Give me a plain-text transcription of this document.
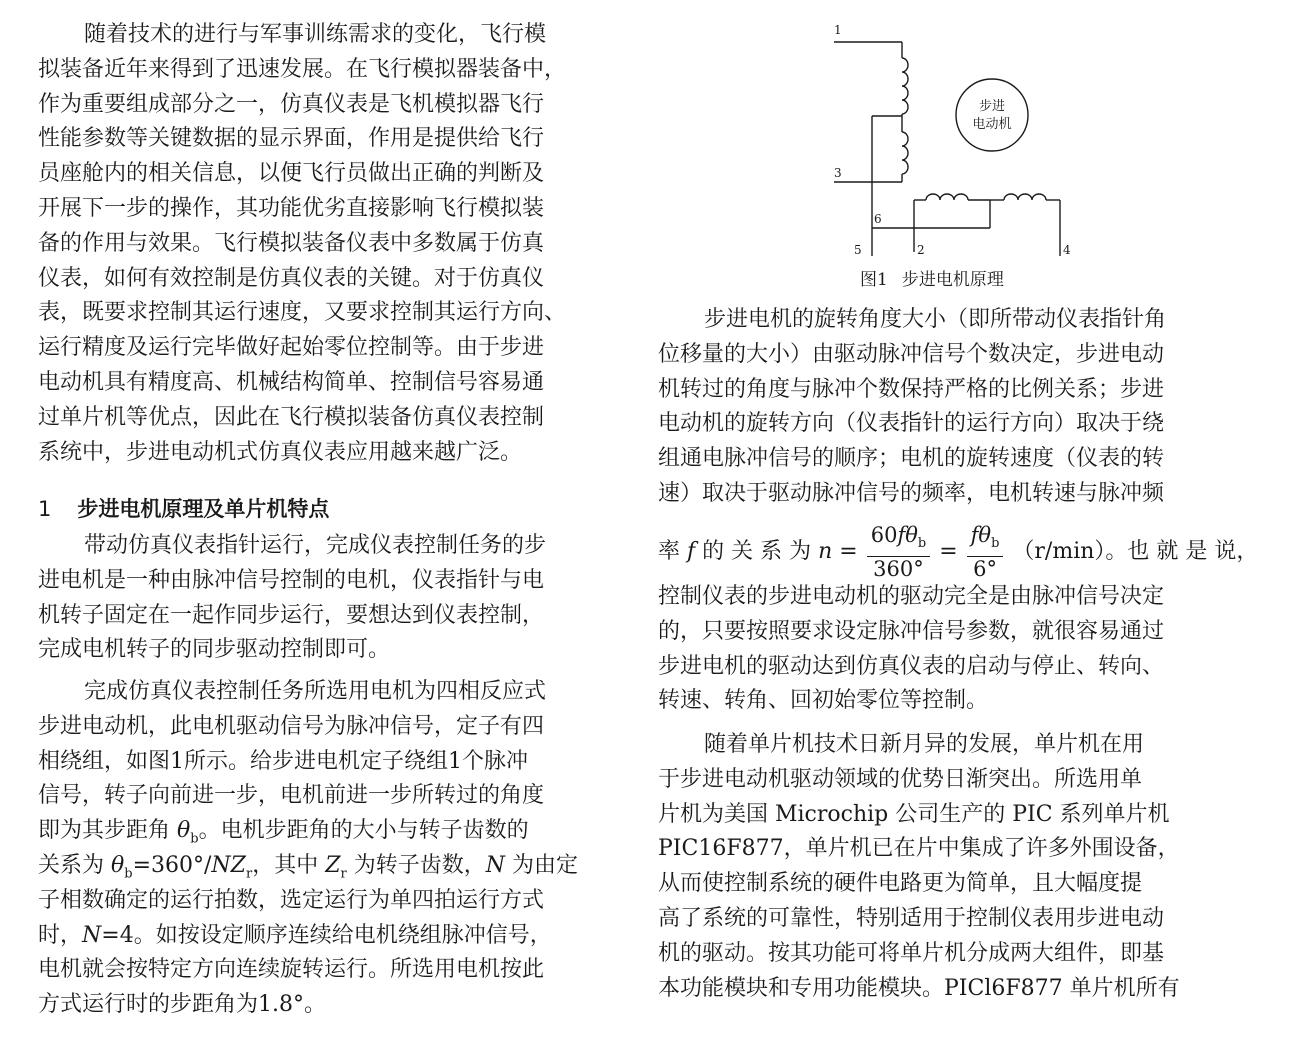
随着技术的进行与军事训练需求的变化，飞行模
拟装备近年来得到了迅速发展。在飞行模拟器装备中，
作为重要组成部分之一，仿真仪表是飞机模拟器飞行
性能参数等关键数据的显示界面，作用是提供给飞行
员座舱内的相关信息，以便飞行员做出正确的判断及
开展下一步的操作，其功能优劣直接影响飞行模拟装
备的作用与效果。飞行模拟装备仪表中多数属于仿真
仪表，如何有效控制是仿真仪表的关键。对于仿真仪
表，既要求控制其运行速度，又要求控制其运行方向、
运行精度及运行完毕做好起始零位控制等。由于步进
电动机具有精度高、机械结构简单、控制信号容易通
过单片机等优点，因此在飞行模拟装备仿真仪表控制
系统中，步进电动机式仿真仪表应用越来越广泛。
1 步进电机原理及单片机特点
带动仿真仪表指针运行，完成仪表控制任务的步
进电机是一种由脉冲信号控制的电机，仪表指针与电
机转子固定在一起作同步运行，要想达到仪表控制，
完成电机转子的同步驱动控制即可。
完成仿真仪表控制任务所选用电机为四相反应式
步进电动机，此电机驱动信号为脉冲信号，定子有四
相绕组，如图1所示。给步进电机定子绕组1个脉冲
信号，转子向前进一步，电机前进一步所转过的角度
即为其步距角 $\theta_b$。电机步距角的大小与转子齿数的
关系为 $\theta_b=360^\circ/NZ_r$，其中 $Z_r$ 为转子齿数，N 为由定
子相数确定的运行拍数，选定运行为单四拍运行方式
时，N=4。如按设定顺序连续给电机绕组脉冲信号，
电机就会按特定方向连续旋转运行。所选用电机按此
方式运行时的步距角为1.8°。
1
3
6
5	2	4
步进
电动机
图1 步进电机原理
步进电机的旋转角度大小（即所带动仪表指针角
位移量的大小）由驱动脉冲信号个数决定，步进电动
机转过的角度与脉冲个数保持严格的比例关系；步进
电动机的旋转方向（仪表指针的运行方向）取决于绕
组通电脉冲信号的顺序；电机的旋转速度（仪表的转
速）取决于驱动脉冲信号的频率，电机转速与脉冲频
率 f 的 关 系 为 $n = \frac{60f\theta_b}{360^\circ} = \frac{f\theta_b}{6^\circ} (r/\min)$。也 就 是 说，
控制仪表的步进电动机的驱动完全是由脉冲信号决定
的，只要按照要求设定脉冲信号参数，就很容易通过
步进电机的驱动达到仿真仪表的启动与停止、转向、
转速、转角、回初始零位等控制。
随着单片机技术日新月异的发展，单片机在用
于步进电动机驱动领域的优势日渐突出。所选用单
片机为美国 Microchip 公司生产的 PIC 系列单片机
PIC16F877，单片机已在片中集成了许多外围设备，
从而使控制系统的硬件电路更为简单，且大幅度提
高了系统的可靠性，特别适用于控制仪表用步进电动
机的驱动。按其功能可将单片机分成两大组件，即基
本功能模块和专用功能模块。PICl6F877 单片机所有
